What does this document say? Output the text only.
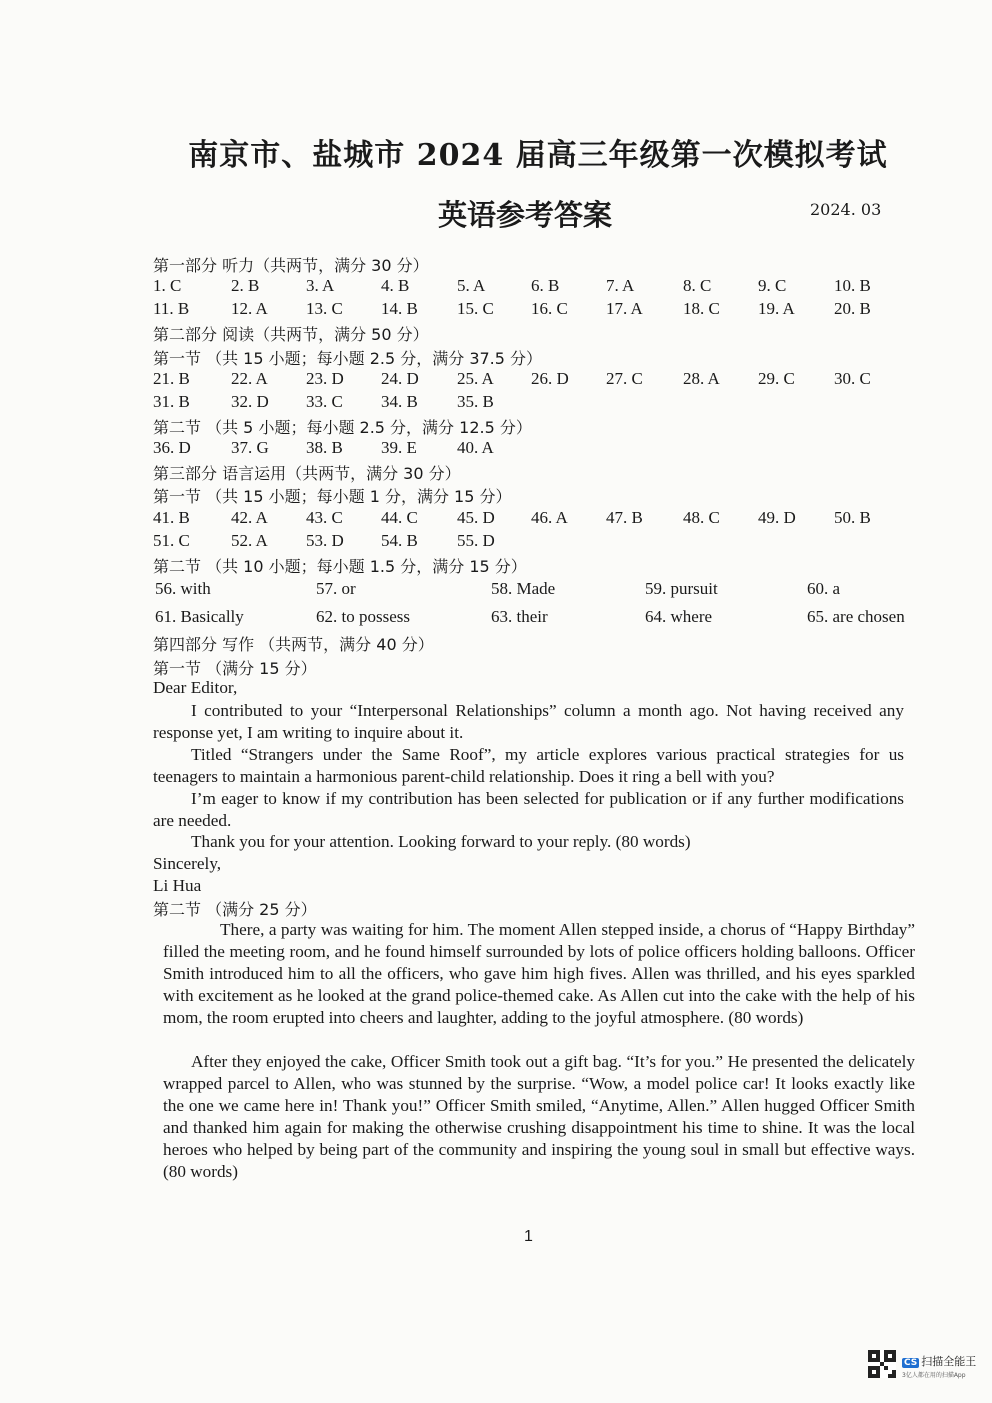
南京市、盐城市 2024 届高三年级第一次模拟考试
英语参考答案	2024. 03
第一部分 听力（共两节，满分 30 分）
1. C	2. B	3. A	4. B	5. A	6. B	7. A	8. C	9. C	10. B
11. B 12. A 13. C 14. B 15. C 16. C 17. A 18. C 19. A 20. B
第二部分 阅读（共两节，满分 50 分）
第一节 （共 15 小题；每小题 2.5 分，满分 37.5 分）
21. B 22. A 23. D 24. D 25. A 26. D 27. C 28. A 29. C 30. C
31. B 32. D 33. C 34. B 35. B
第二节 （共 5 小题；每小题 2.5 分，满分 12.5 分）
36. D 37. G 38. B 39. E 40. A
第三部分 语言运用（共两节，满分 30 分）
第一节 （共 15 小题；每小题 1 分，满分 15 分）
41. B 42. A 43. C 44. C 45. D 46. A 47. B 48. C 49. D 50. B
51. C 52. A 53. D 54. B 55. D
第二节 （共 10 小题；每小题 1.5 分，满分 15 分）
56. with	57. or	58. Made	59. pursuit	60. a
61. Basically	62. to possess	63. their	64. where	65. are chosen
第四部分 写作 （共两节，满分 40 分）
第一节 （满分 15 分）
Dear Editor,
I contributed to your “Interpersonal Relationships” column a month ago. Not having received any response yet, I am writing to inquire about it.
Titled “Strangers under the Same Roof”, my article explores various practical strategies for us teenagers to maintain a harmonious parent-child relationship. Does it ring a bell with you?
I’m eager to know if my contribution has been selected for publication or if any further modifications are needed.
Thank you for your attention. Looking forward to your reply. (80 words)
Sincerely,
Li Hua
第二节 （满分 25 分）
There, a party was waiting for him. The moment Allen stepped inside, a chorus of “Happy Birthday” filled the meeting room, and he found himself surrounded by lots of police officers holding balloons. Officer Smith introduced him to all the officers, who gave him high fives. Allen was thrilled, and his eyes sparkled with excitement as he looked at the grand police-themed cake. As Allen cut into the cake with the help of his mom, the room erupted into cheers and laughter, adding to the joyful atmosphere. (80 words)
After they enjoyed the cake, Officer Smith took out a gift bag. “It’s for you.” He presented the delicately wrapped parcel to Allen, who was stunned by the surprise. “Wow, a model police car! It looks exactly like the one we came here in! Thank you!” Officer Smith smiled, “Anytime, Allen.” Allen hugged Officer Smith and thanked him again for making the otherwise crushing disappointment his time to shine. It was the local heroes who helped by being part of the community and inspiring the young soul in small but effective ways. (80 words)
1
CS 扫描全能王
3亿人都在用的扫描App
